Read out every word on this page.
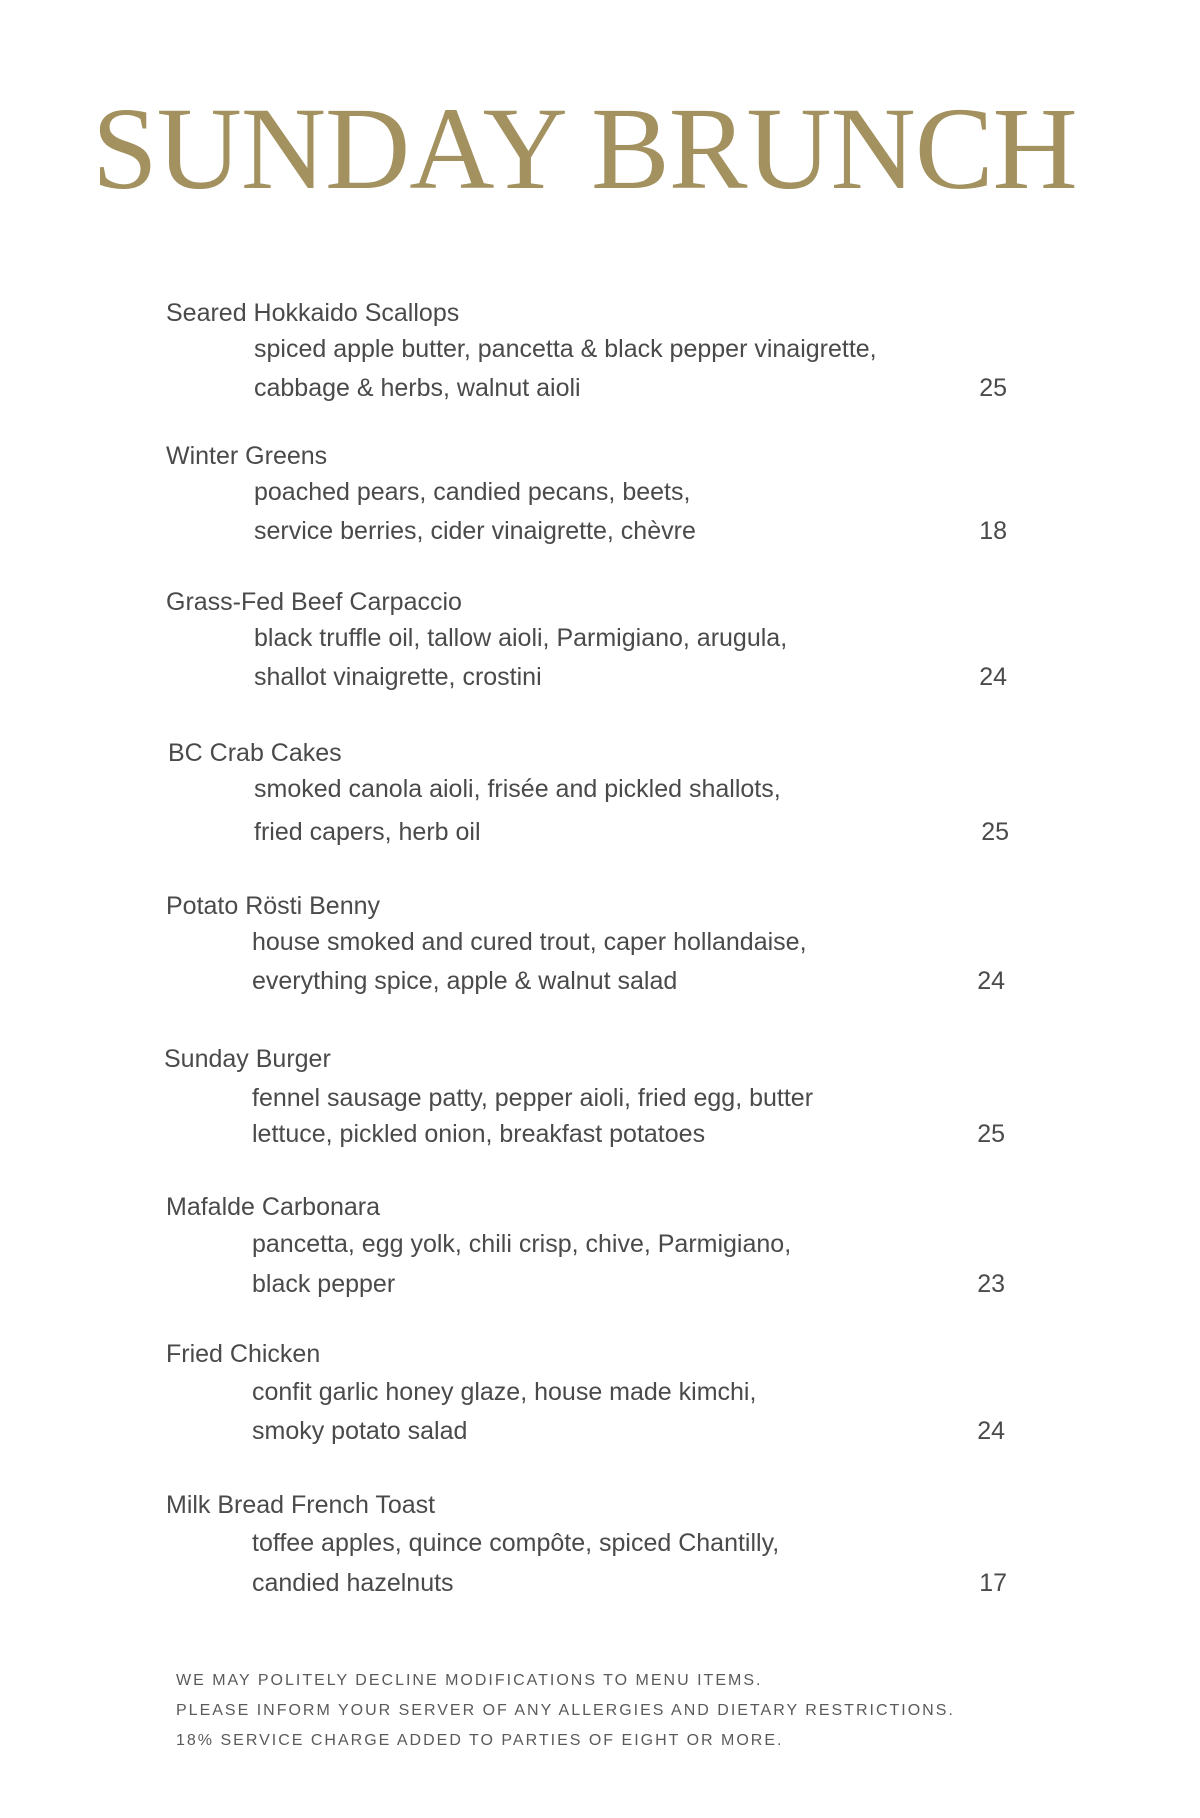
SUNDAY BRUNCH
Seared Hokkaido Scallops
spiced apple butter, pancetta & black pepper vinaigrette,
cabbage & herbs, walnut aioli	25
Winter Greens
poached pears, candied pecans, beets,
service berries, cider vinaigrette, chèvre	18
Grass-Fed Beef Carpaccio
black truffle oil, tallow aioli, Parmigiano, arugula,
shallot vinaigrette, crostini	24
BC Crab Cakes
smoked canola aioli, frisée and pickled shallots,
fried capers, herb oil	25
Potato Rösti Benny
house smoked and cured trout, caper hollandaise,
everything spice, apple & walnut salad	24
Sunday Burger
fennel sausage patty, pepper aioli, fried egg, butter
lettuce, pickled onion, breakfast potatoes	25
Mafalde Carbonara
pancetta, egg yolk, chili crisp, chive, Parmigiano,
black pepper	23
Fried Chicken
confit garlic honey glaze, house made kimchi,
smoky potato salad	24
Milk Bread French Toast
toffee apples, quince compôte, spiced Chantilly,
candied hazelnuts	17
WE MAY POLITELY DECLINE MODIFICATIONS TO MENU ITEMS.
PLEASE INFORM YOUR SERVER OF ANY ALLERGIES AND DIETARY RESTRICTIONS.
18% SERVICE CHARGE ADDED TO PARTIES OF EIGHT OR MORE.
